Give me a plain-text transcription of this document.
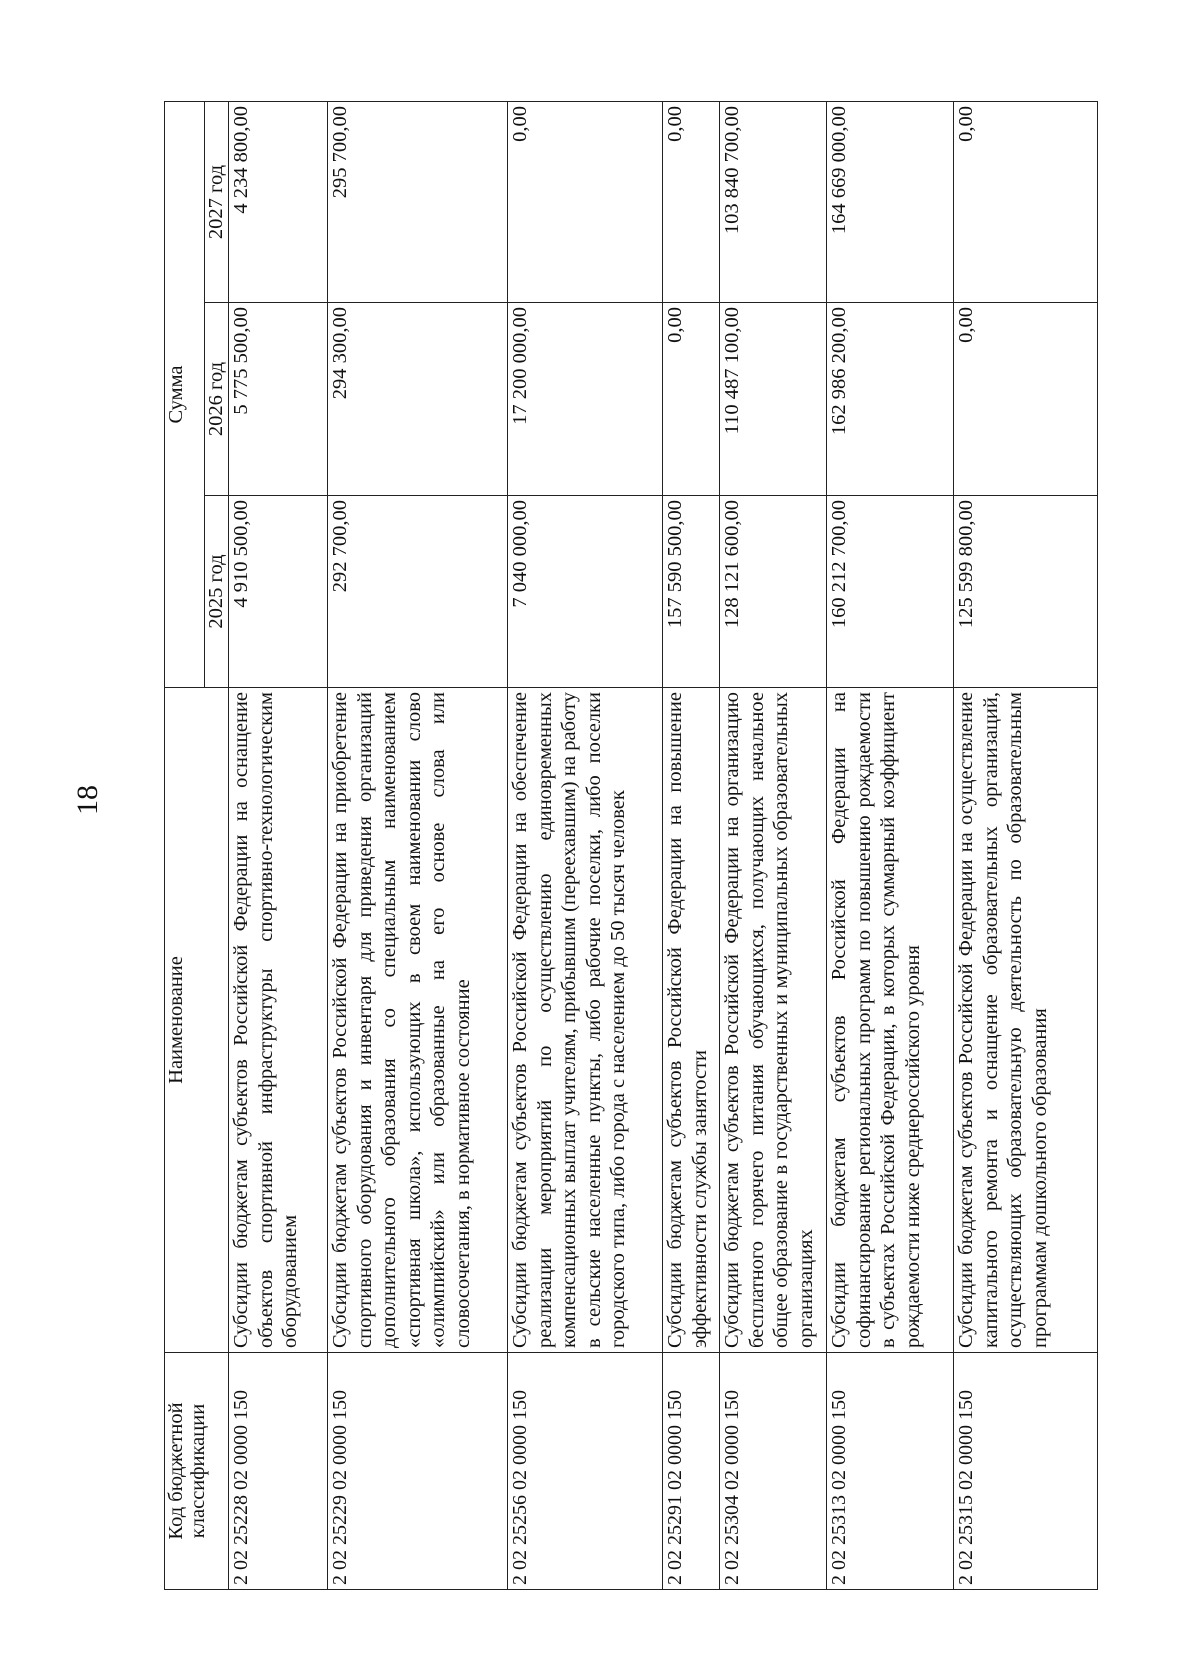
18
Код бюджетной классификации	Наименование	Сумма		
		2025 год	2026 год	2027 год
2 02 25228 02 0000 150	Субсидии бюджетам субъектов Российской Федерации на оснащение объектов спортивной инфраструктуры спортивно-технологическим оборудованием	4 910 500,00	5 775 500,00	4 234 800,00
2 02 25229 02 0000 150	Субсидии бюджетам субъектов Российской Федерации на приобретение спортивного оборудования и инвентаря для приведения организаций дополнительного образования со специальным наименованием «спортивная школа», использующих в своем наименовании слово «олимпийский» или образованные на его основе слова или словосочетания, в нормативное состояние	292 700,00	294 300,00	295 700,00
2 02 25256 02 0000 150	Субсидии бюджетам субъектов Российской Федерации на обеспечение реализации мероприятий по осуществлению единовременных компенсационных выплат учителям, прибывшим (переехавшим) на работу в сельские населенные пункты, либо рабочие поселки, либо поселки городского типа, либо города с населением до 50 тысяч человек	7 040 000,00	17 200 000,00	0,00
2 02 25291 02 0000 150	Субсидии бюджетам субъектов Российской Федерации на повышение эффективности службы занятости	157 590 500,00	0,00	0,00
2 02 25304 02 0000 150	Субсидии бюджетам субъектов Российской Федерации на организацию бесплатного горячего питания обучающихся, получающих начальное общее образование в государственных и муниципальных образовательных организациях	128 121 600,00	110 487 100,00	103 840 700,00
2 02 25313 02 0000 150	Субсидии бюджетам субъектов Российской Федерации на софинансирование региональных программ по повышению рождаемости в субъектах Российской Федерации, в которых суммарный коэффициент рождаемости ниже среднероссийского уровня	160 212 700,00	162 986 200,00	164 669 000,00
2 02 25315 02 0000 150	Субсидии бюджетам субъектов Российской Федерации на осуществление капитального ремонта и оснащение образовательных организаций, осуществляющих образовательную деятельность по образовательным программам дошкольного образования	125 599 800,00	0,00	0,00
